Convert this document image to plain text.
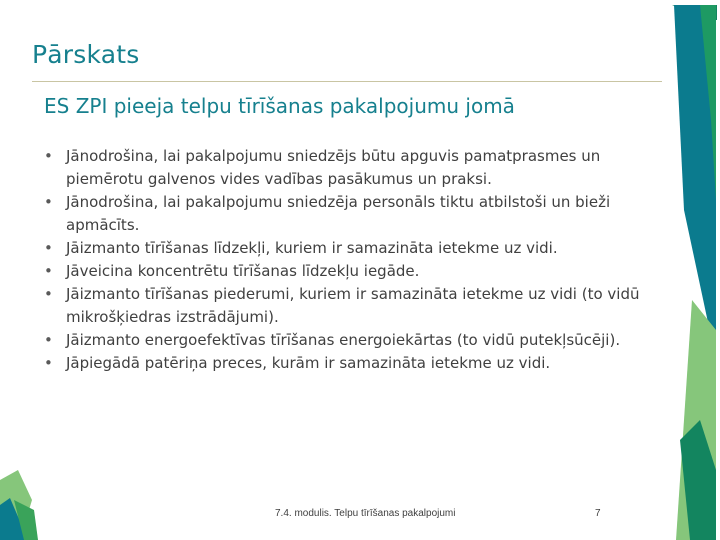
Pārskats
ES ZPI pieeja telpu tīrīšanas pakalpojumu jomā
• Jānodrošina, lai pakalpojumu sniedzējs būtu apguvis pamatprasmes un piemērotu galvenos vides vadības pasākumus un praksi.
• Jānodrošina, lai pakalpojumu sniedzēja personāls tiktu atbilstoši un bieži apmācīts.
• Jāizmanto tīrīšanas līdzekļi, kuriem ir samazināta ietekme uz vidi.
• Jāveicina koncentrētu tīrīšanas līdzekļu iegāde.
• Jāizmanto tīrīšanas piederumi, kuriem ir samazināta ietekme uz vidi (to vidū mikrošķiedras izstrādājumi).
• Jāizmanto energoefektīvas tīrīšanas energoiekārtas (to vidū putekļsūcēji).
• Jāpiegādā patēriņa preces, kurām ir samazināta ietekme uz vidi.
7.4. modulis. Telpu tīrīšanas pakalpojumi	7
